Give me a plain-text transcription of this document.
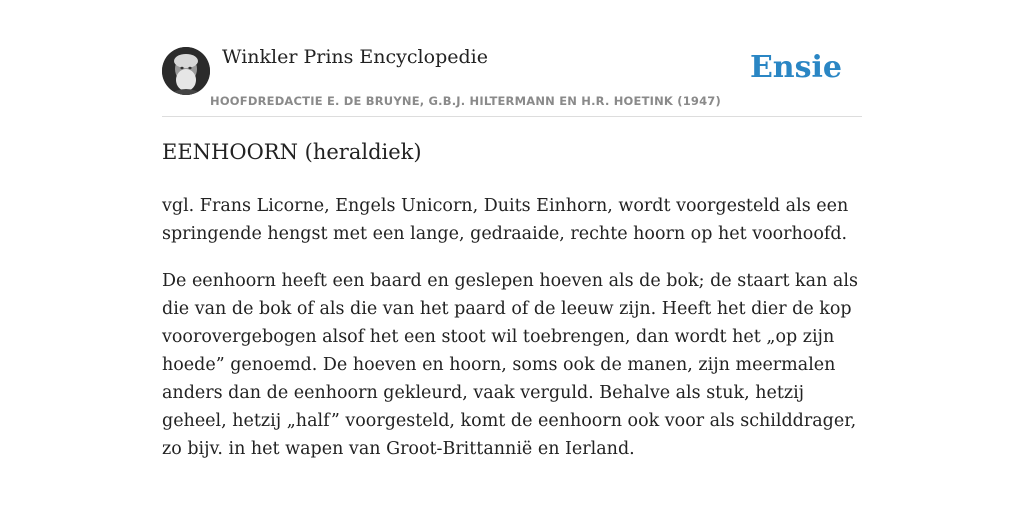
Winkler Prins Encyclopedie
HOOFDREDACTIE E. DE BRUYNE, G.B.J. HILTERMANN EN H.R. HOETINK (1947)
Ensie
EENHOORN (heraldiek)

vgl. Frans Licorne, Engels Unicorn, Duits Einhorn, wordt voorgesteld als een springende hengst met een lange, gedraaide, rechte hoorn op het voorhoofd.

De eenhoorn heeft een baard en geslepen hoeven als de bok; de staart kan als die van de bok of als die van het paard of de leeuw zijn. Heeft het dier de kop voorovergebogen alsof het een stoot wil toebrengen, dan wordt het „op zijn hoede” genoemd. De hoeven en hoorn, soms ook de manen, zijn meermalen anders dan de eenhoorn gekleurd, vaak verguld. Behalve als stuk, hetzij geheel, hetzij „half” voorgesteld, komt de eenhoorn ook voor als schilddrager, zo bijv. in het wapen van Groot-Brittannië en Ierland.
